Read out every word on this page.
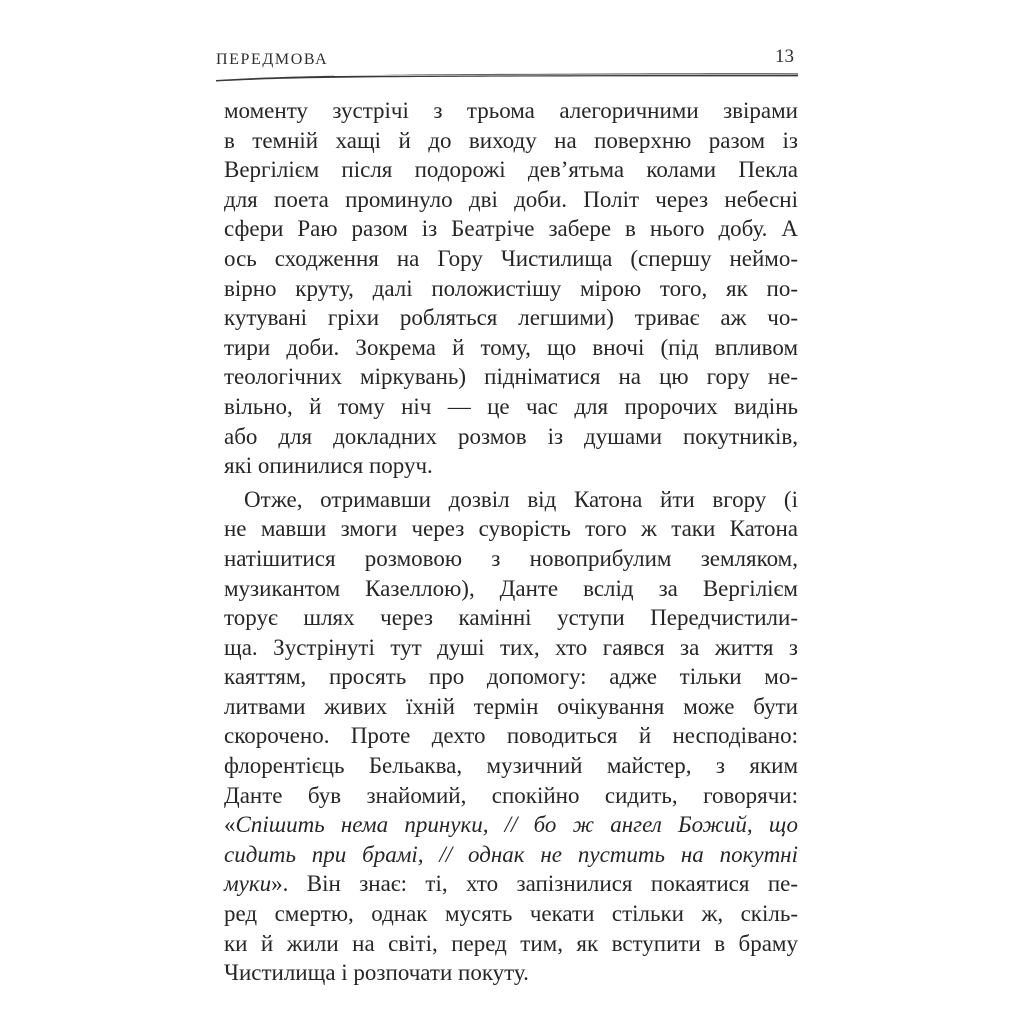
ПЕРЕДМОВА	13

моменту зустрічі з трьома алегоричними звірами
в темній хащі й до виходу на поверхню разом із
Вергілієм після подорожі дев’ятьма колами Пекла
для поета проминуло дві доби. Політ через небесні
сфери Раю разом із Беатріче забере в нього добу. А
ось сходження на Гору Чистилища (спершу неймо-
вірно круту, далі положистішу мірою того, як по-
кутувані гріхи робляться легшими) триває аж чо-
тири доби. Зокрема й тому, що вночі (під впливом
теологічних міркувань) підніматися на цю гору не-
вільно, й тому ніч — це час для пророчих видінь
або для докладних розмов із душами покутників,
які опинилися поруч.

Отже, отримавши дозвіл від Катона йти вгору (і
не мавши змоги через суворість того ж таки Катона
натішитися розмовою з новоприбулим земляком,
музикантом Казеллою), Данте вслід за Вергілієм
торує шлях через камінні уступи Передчистили-
ща. Зустрінуті тут душі тих, хто гаявся за життя з
каяттям, просять про допомогу: адже тільки мо-
литвами живих їхній термін очікування може бути
скорочено. Проте дехто поводиться й несподівано:
флорентієць Бельаква, музичний майстер, з яким
Данте був знайомий, спокійно сидить, говорячи:
«Спішить нема принуки, // бо ж ангел Божий, що
сидить при брамі, // однак не пустить на покутні
муки». Він знає: ті, хто запізнилися покаятися пе-
ред смертю, однак мусять чекати стільки ж, скіль-
ки й жили на світі, перед тим, як вступити в браму
Чистилища і розпочати покуту.
